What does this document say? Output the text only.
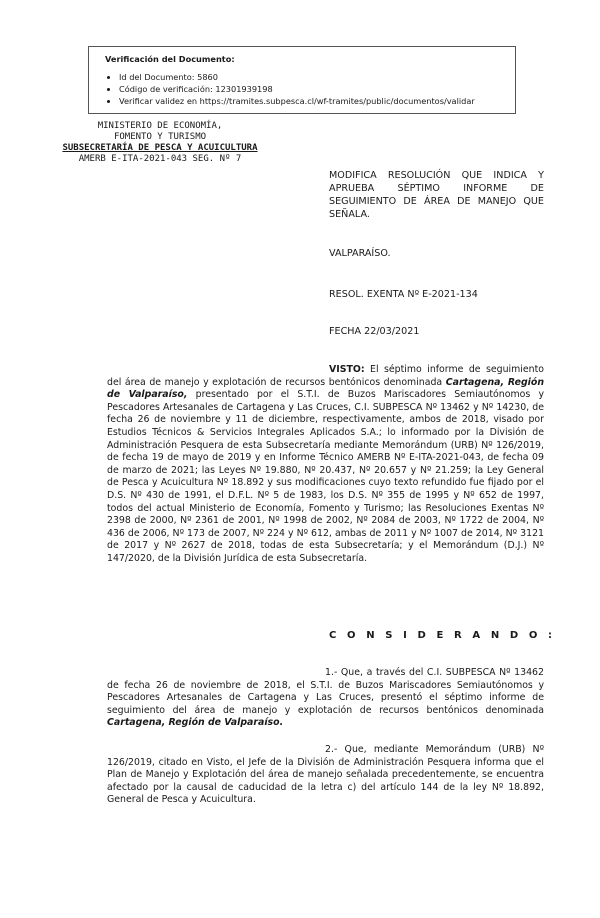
Verificación del Documento:
• Id del Documento: 5860
• Código de verificación: 12301939198
• Verificar validez en https://tramites.subpesca.cl/wf-tramites/public/documentos/validar
MINISTERIO DE ECONOMÍA,
FOMENTO Y TURISMO
SUBSECRETARÍA DE PESCA Y ACUICULTURA
AMERB E-ITA-2021-043 SEG. Nº 7
MODIFICA RESOLUCIÓN QUE INDICA Y APRUEBA SÉPTIMO INFORME DE SEGUIMIENTO DE ÁREA DE MANEJO QUE SEÑALA.
VALPARAÍSO.
RESOL. EXENTA Nº E-2021-134
FECHA 22/03/2021
VISTO: El séptimo informe de seguimiento del área de manejo y explotación de recursos bentónicos denominada Cartagena, Región de Valparaíso, presentado por el S.T.I. de Buzos Mariscadores Semiautónomos y Pescadores Artesanales de Cartagena y Las Cruces, C.I. SUBPESCA Nº 13462 y Nº 14230, de fecha 26 de noviembre y 11 de diciembre, respectivamente, ambos de 2018, visado por Estudios Técnicos & Servicios Integrales Aplicados S.A.; lo informado por la División de Administración Pesquera de esta Subsecretaría mediante Memorándum (URB) Nº 126/2019, de fecha 19 de mayo de 2019 y en Informe Técnico AMERB Nº E-ITA-2021-043, de fecha 09 de marzo de 2021; las Leyes Nº 19.880, Nº 20.437, Nº 20.657 y Nº 21.259; la Ley General de Pesca y Acuicultura Nº 18.892 y sus modificaciones cuyo texto refundido fue fijado por el D.S. Nº 430 de 1991, el D.F.L. Nº 5 de 1983, los D.S. Nº 355 de 1995 y Nº 652 de 1997, todos del actual Ministerio de Economía, Fomento y Turismo; las Resoluciones Exentas Nº 2398 de 2000, Nº 2361 de 2001, Nº 1998 de 2002, Nº 2084 de 2003, Nº 1722 de 2004, Nº 436 de 2006, Nº 173 de 2007, Nº 224 y Nº 612, ambas de 2011 y Nº 1007 de 2014, Nº 3121 de 2017 y Nº 2627 de 2018, todas de esta Subsecretaría; y el Memorándum (D.J.) Nº 147/2020, de la División Jurídica de esta Subsecretaría.
C O N S I D E R A N D O :
1.- Que, a través del C.I. SUBPESCA Nº 13462 de fecha 26 de noviembre de 2018, el S.T.I. de Buzos Mariscadores Semiautónomos y Pescadores Artesanales de Cartagena y Las Cruces, presentó el séptimo informe de seguimiento del área de manejo y explotación de recursos bentónicos denominada Cartagena, Región de Valparaíso.
2.- Que, mediante Memorándum (URB) Nº 126/2019, citado en Visto, el Jefe de la División de Administración Pesquera informa que el Plan de Manejo y Explotación del área de manejo señalada precedentemente, se encuentra afectado por la causal de caducidad de la letra c) del artículo 144 de la ley Nº 18.892, General de Pesca y Acuicultura.
